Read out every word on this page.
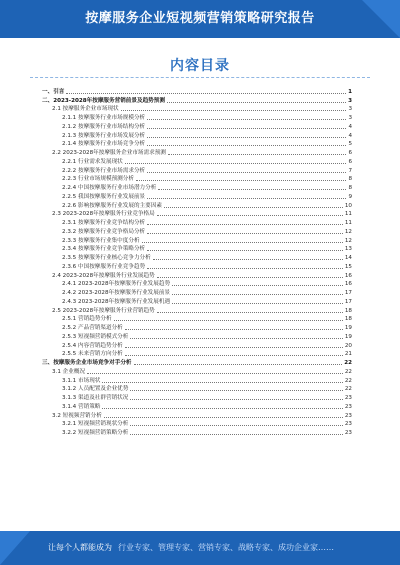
按摩服务企业短视频营销策略研究报告
内容目录
一、引言	1
二、2023-2028年按摩服务营销前景及趋势预测	3
2.1 按摩服务企业市场现状	3
2.1.1 按摩服务行业市场规模分析	3
2.1.2 按摩服务行业市场结构分析	4
2.1.3 按摩服务行业市场发展分析	4
2.1.4 按摩服务行业市场竞争分析	5
2.2 2023-2028年按摩服务企业市场需求预测	6
2.2.1 行业需求发展现状	6
2.2.2 按摩服务行业市场需求分析	7
2.2.3 行业市场规模预测分析	8
2.2.4 中国按摩服务行业市场潜力分析	8
2.2.5 我国按摩服务行业发展前景	9
2.2.6 影响按摩服务行业发展的主要因素	10
2.3 2023-2028年按摩服务行业竞争格局	11
2.3.1 按摩服务行业竞争结构分析	11
2.3.2 按摩服务行业竞争格局分析	12
2.3.3 按摩服务行业集中度分析	12
2.3.4 按摩服务行业竞争策略分析	13
2.3.5 按摩服务行业核心竞争力分析	14
2.3.6 中国按摩服务行业竞争趋势	15
2.4 2023-2028年按摩服务行业发展趋势	16
2.4.1 2023-2028年按摩服务行业发展趋势	16
2.4.2 2023-2028年按摩服务行业发展前景	17
2.4.3 2023-2028年按摩服务行业发展机遇	17
2.5 2023-2028年按摩服务行业营销趋势	18
2.5.1 营销趋势分析	18
2.5.2 产品营销渠道分析	19
2.5.3 短视频营销模式分析	19
2.5.4 内容营销趋势分析	20
2.5.5 未来营销方向分析	21
三、按摩服务企业市场竞争对手分析	22
3.1 企业概况	22
3.1.1 市场现状	22
3.1.2 人员配置及企业优势	22
3.1.3 渠道及社群营销状况	23
3.1.4 营销策略	23
3.2 短视频营销分析	23
3.2.1 短视频营销现状分析	23
3.2.2 短视频营销策略分析	23
让每个人都能成为 行业专家、管理专家、营销专家、战略专家、成功企业家……
